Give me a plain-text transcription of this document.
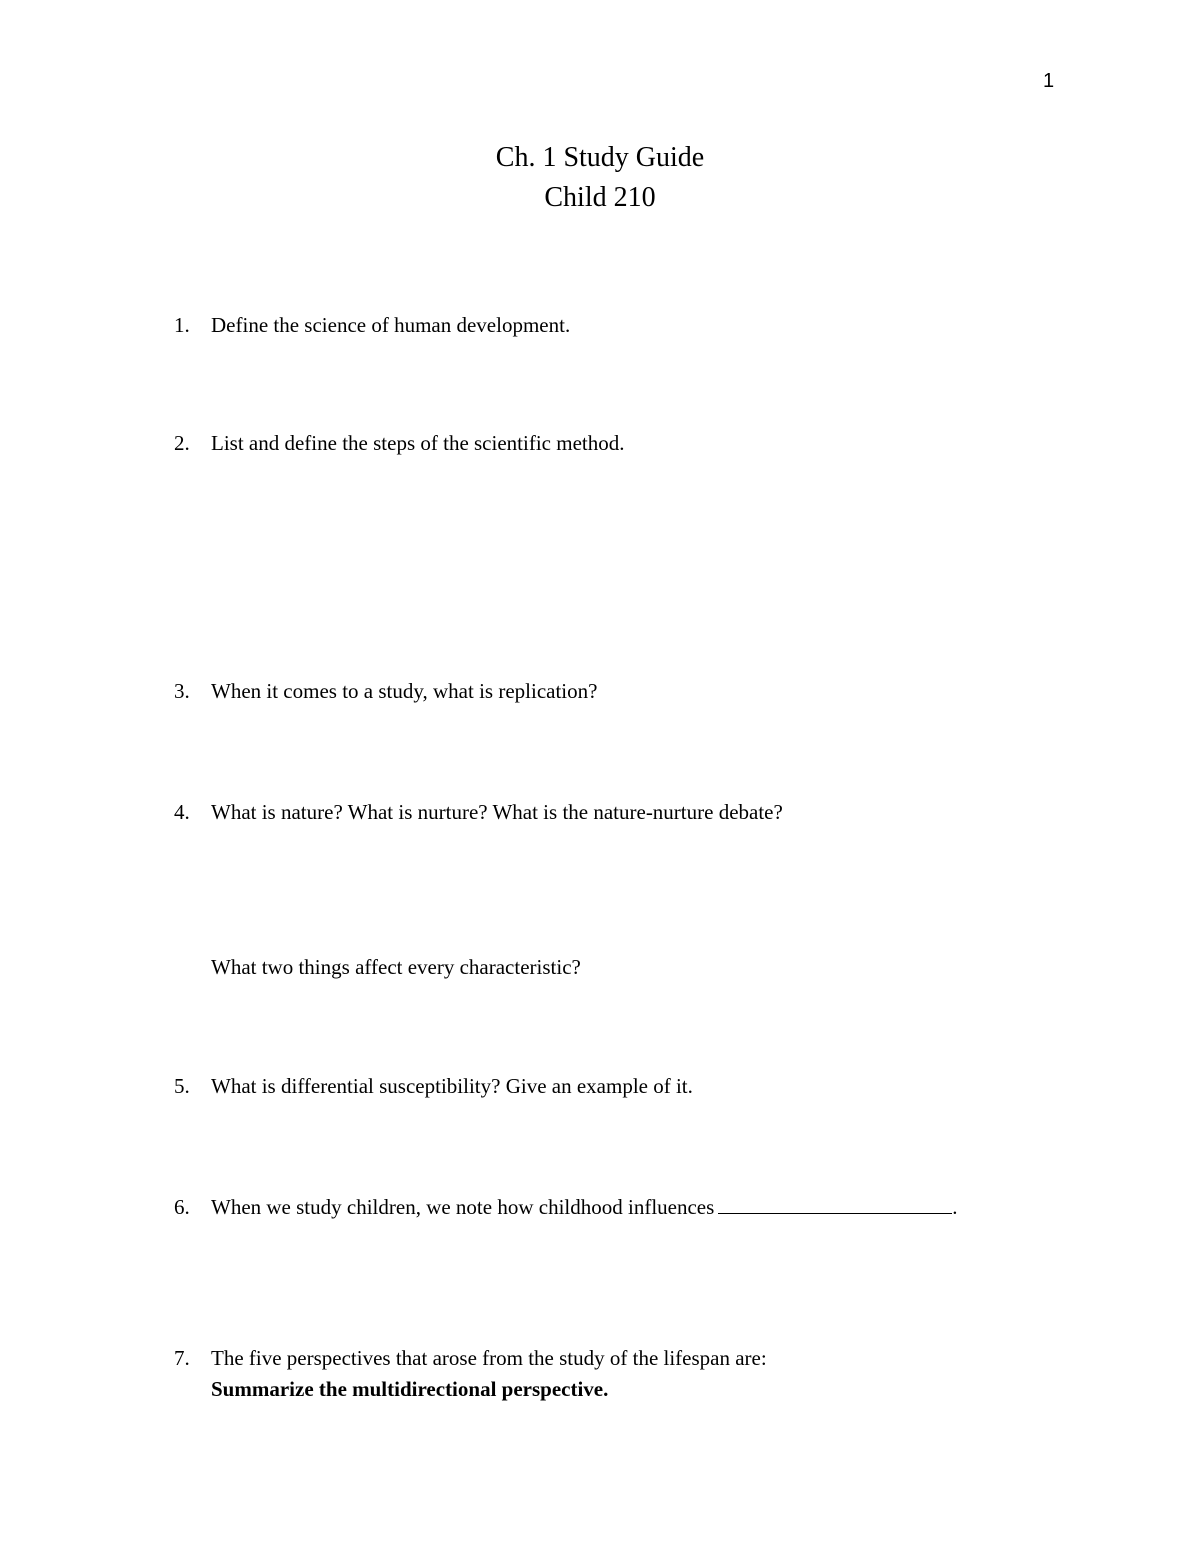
1
Ch. 1 Study Guide
Child 210
1. Define the science of human development.
2. List and define the steps of the scientific method.
3. When it comes to a study, what is replication?
4. What is nature? What is nurture? What is the nature-nurture debate?
What two things affect every characteristic?
5. What is differential susceptibility? Give an example of it.
6. When we study children, we note how childhood influences	.
7. The five perspectives that arose from the study of the lifespan are:
Summarize the multidirectional perspective.
